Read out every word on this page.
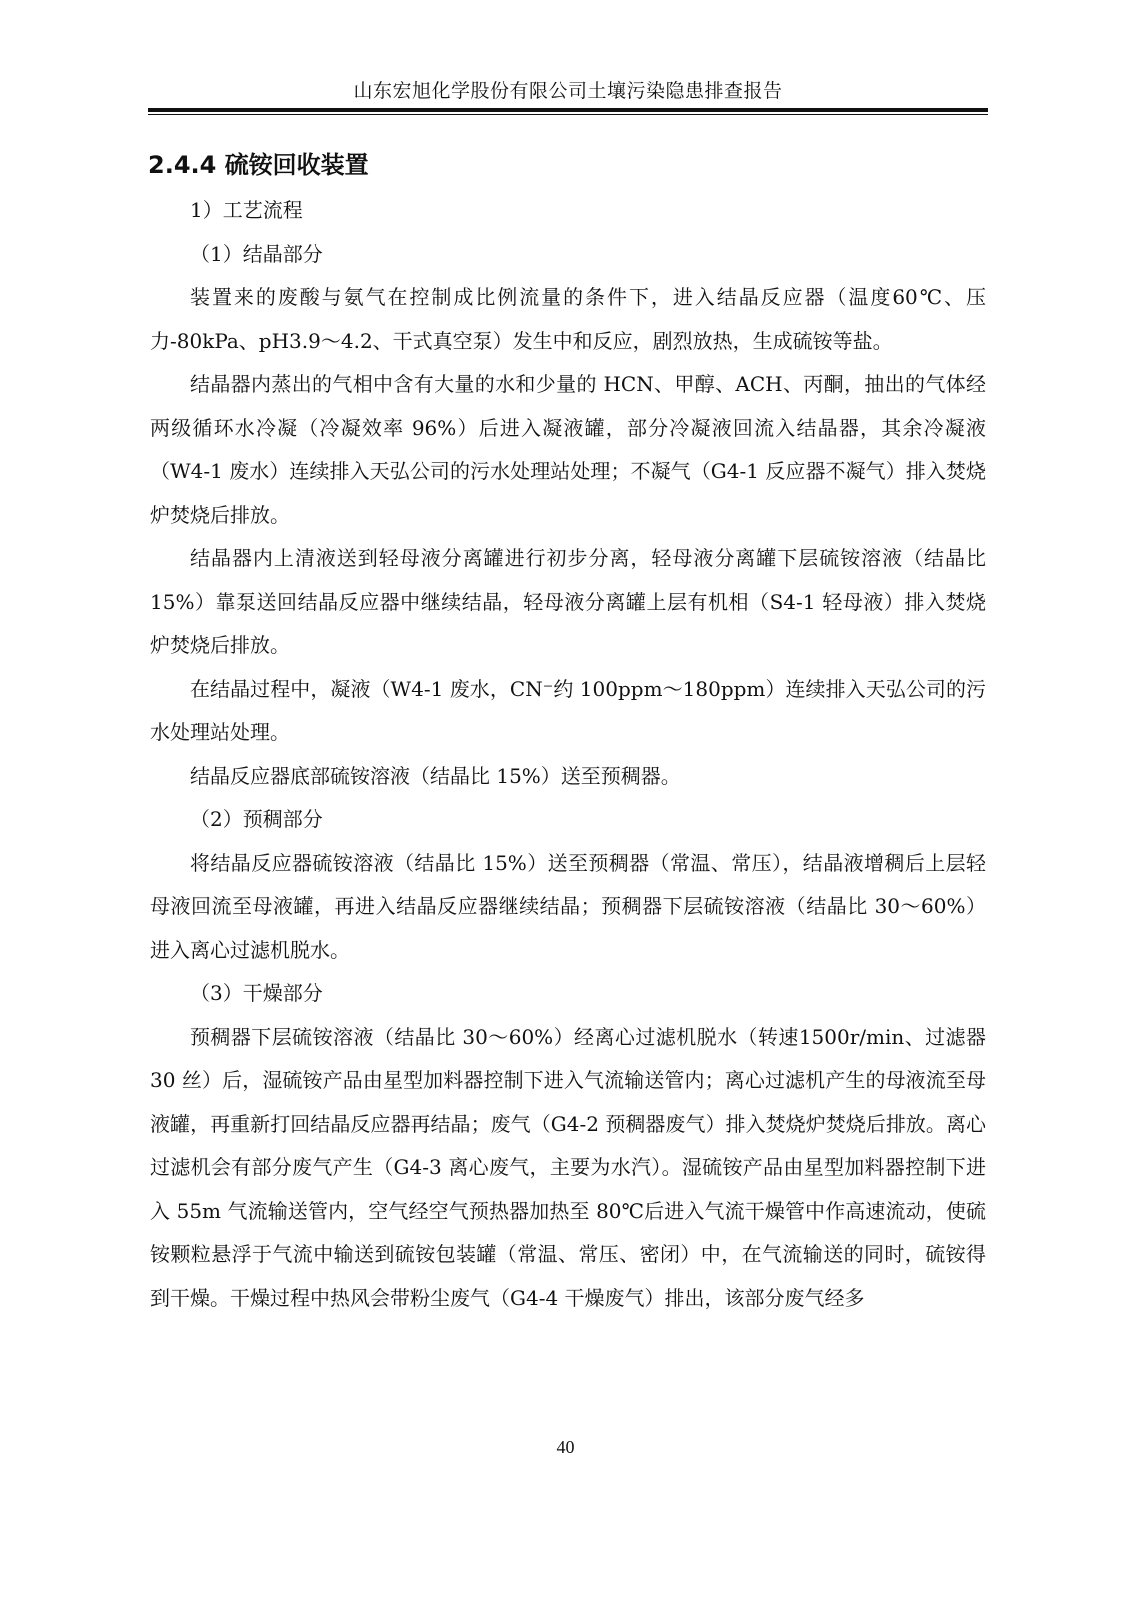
山东宏旭化学股份有限公司土壤污染隐患排查报告
2.4.4 硫铵回收装置

1）工艺流程

（1）结晶部分

装置来的废酸与氨气在控制成比例流量的条件下，进入结晶反应器（温度60℃、压力-80kPa、pH3.9～4.2、干式真空泵）发生中和反应，剧烈放热，生成硫铵等盐。

结晶器内蒸出的气相中含有大量的水和少量的 HCN、甲醇、ACH、丙酮，抽出的气体经两级循环水冷凝（冷凝效率 96%）后进入凝液罐，部分冷凝液回流入结晶器，其余冷凝液（W4-1 废水）连续排入天弘公司的污水处理站处理；不凝气（G4-1 反应器不凝气）排入焚烧炉焚烧后排放。

结晶器内上清液送到轻母液分离罐进行初步分离，轻母液分离罐下层硫铵溶液（结晶比 15%）靠泵送回结晶反应器中继续结晶，轻母液分离罐上层有机相（S4-1 轻母液）排入焚烧炉焚烧后排放。

在结晶过程中，凝液（W4-1 废水，CN⁻约 100ppm～180ppm）连续排入天弘公司的污水处理站处理。

结晶反应器底部硫铵溶液（结晶比 15%）送至预稠器。

（2）预稠部分

将结晶反应器硫铵溶液（结晶比 15%）送至预稠器（常温、常压），结晶液增稠后上层轻母液回流至母液罐，再进入结晶反应器继续结晶；预稠器下层硫铵溶液（结晶比 30～60%）进入离心过滤机脱水。

（3）干燥部分

预稠器下层硫铵溶液（结晶比 30～60%）经离心过滤机脱水（转速1500r/min、过滤器 30 丝）后，湿硫铵产品由星型加料器控制下进入气流输送管内；离心过滤机产生的母液流至母液罐，再重新打回结晶反应器再结晶；废气（G4-2 预稠器废气）排入焚烧炉焚烧后排放。离心过滤机会有部分废气产生（G4-3 离心废气，主要为水汽）。湿硫铵产品由星型加料器控制下进入 55m 气流输送管内，空气经空气预热器加热至 80℃后进入气流干燥管中作高速流动，使硫铵颗粒悬浮于气流中输送到硫铵包装罐（常温、常压、密闭）中，在气流输送的同时，硫铵得到干燥。干燥过程中热风会带粉尘废气（G4-4 干燥废气）排出，该部分废气经多

40
